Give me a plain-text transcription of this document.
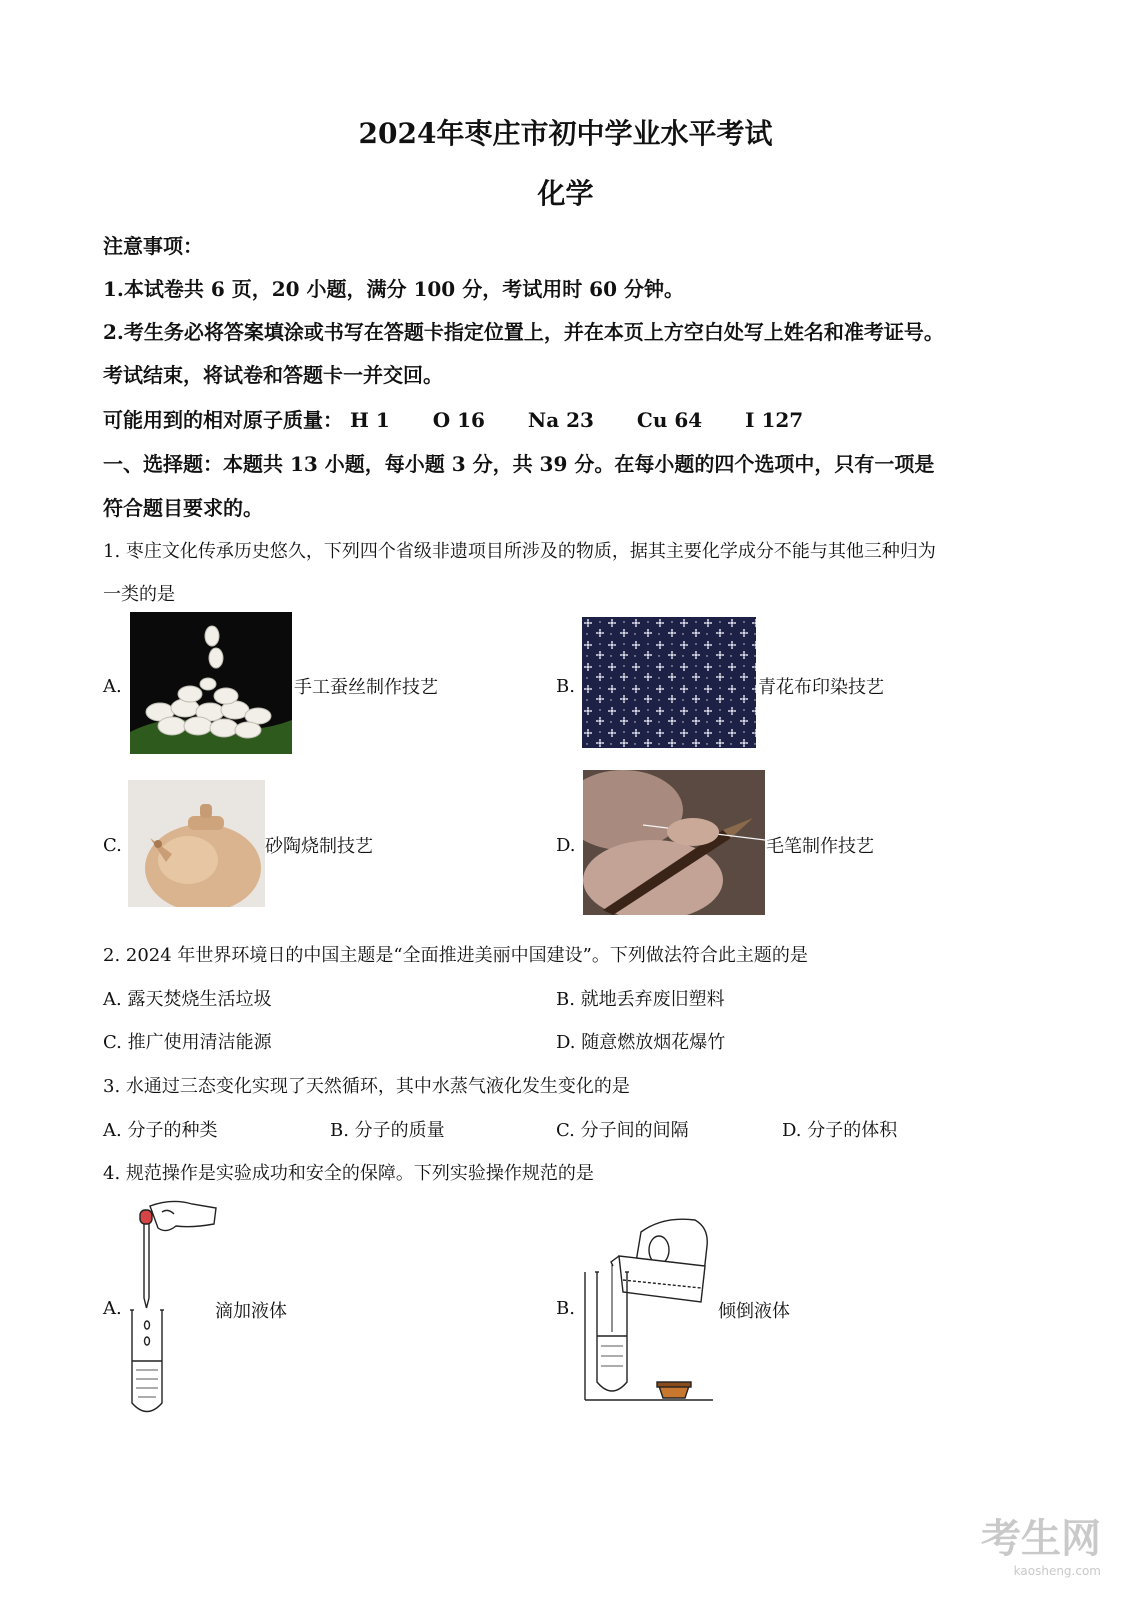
2024年枣庄市初中学业水平考试
化学
注意事项：
1.本试卷共 6 页，20 小题，满分 100 分，考试用时 60 分钟。
2.考生务必将答案填涂或书写在答题卡指定位置上，并在本页上方空白处写上姓名和准考证号。
考试结束，将试卷和答题卡一并交回。
可能用到的相对原子质量： H 1 O 16 Na 23 Cu 64 I 127
一、选择题：本题共 13 小题，每小题 3 分，共 39 分。在每小题的四个选项中，只有一项是
符合题目要求的。
1. 枣庄文化传承历史悠久，下列四个省级非遗项目所涉及的物质，据其主要化学成分不能与其他三种归为
一类的是
A.	手工蚕丝制作技艺	B.	青花布印染技艺
C.	砂陶烧制技艺	D.	毛笔制作技艺
2. 2024 年世界环境日的中国主题是“全面推进美丽中国建设”。下列做法符合此主题的是
A. 露天焚烧生活垃圾	B. 就地丢弃废旧塑料
C. 推广使用清洁能源	D. 随意燃放烟花爆竹
3. 水通过三态变化实现了天然循环，其中水蒸气液化发生变化的是
A. 分子的种类	B. 分子的质量	C. 分子间的间隔	D. 分子的体积
4. 规范操作是实验成功和安全的保障。下列实验操作规范的是
A.	滴加液体	B.	倾倒液体
考生网
kaosheng.com
